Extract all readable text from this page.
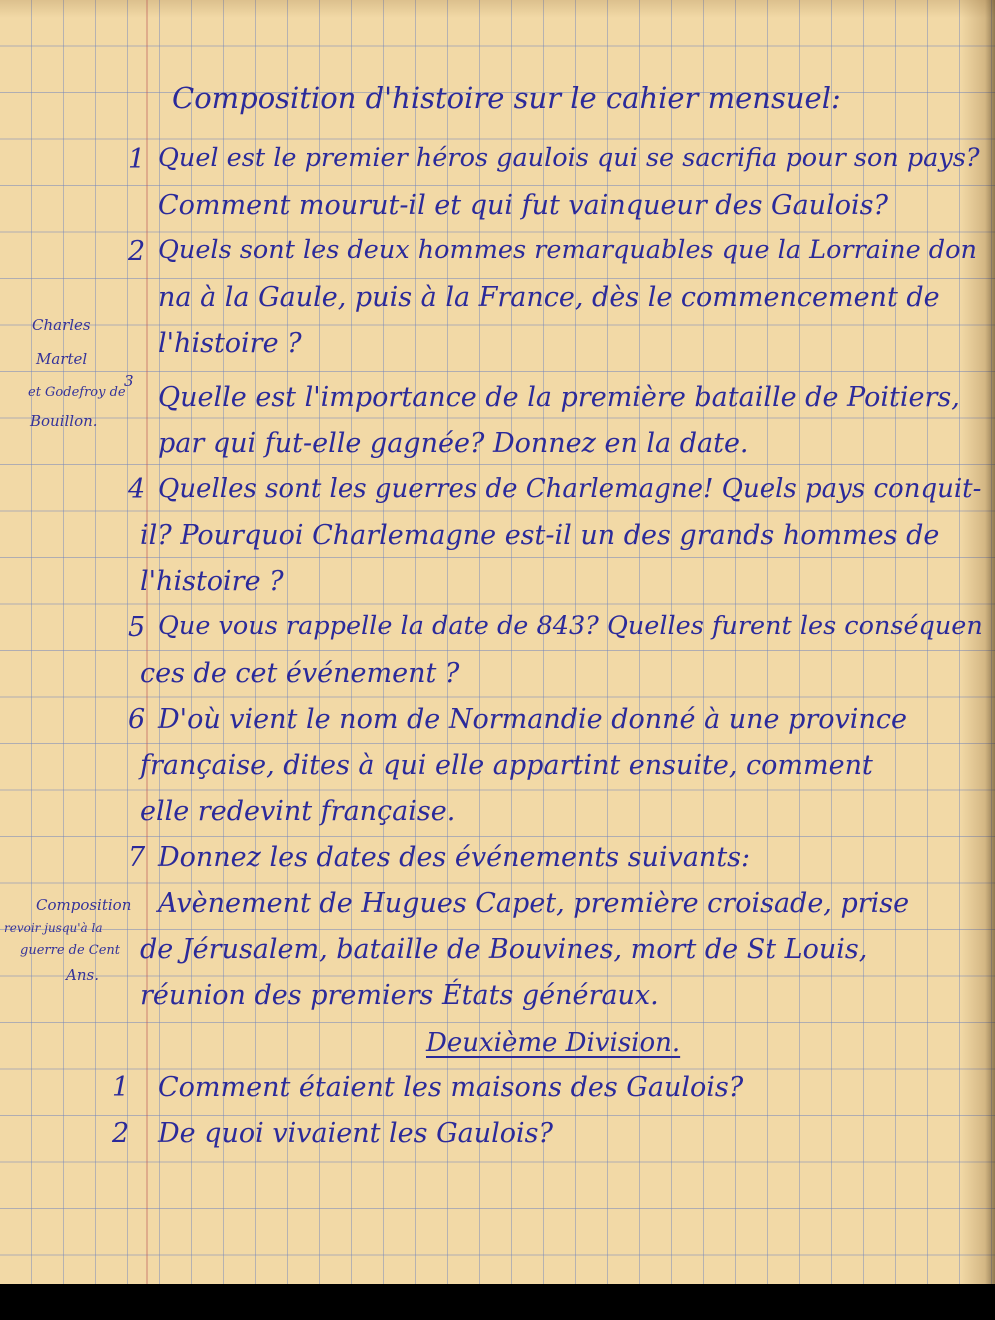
Composition d'histoire sur le cahier mensuel:
1 Quel est le premier héros gaulois qui se sacrifia pour son pays?
Comment mourut-il et qui fut vainqueur des Gaulois?
2 Quels sont les deux hommes remarquables que la Lorraine don
na à la Gaule, puis à la France, dès le commencement de
l'histoire ?
3
Quelle est l'importance de la première bataille de Poitiers,
par qui fut-elle gagnée? Donnez en la date.
4 Quelles sont les guerres de Charlemagne! Quels pays conquit-
il? Pourquoi Charlemagne est-il un des grands hommes de
l'histoire ?
5 Que vous rappelle la date de 843? Quelles furent les conséquen
ces de cet événement ?
6 D'où vient le nom de Normandie donné à une province
française, dites à qui elle appartint ensuite, comment
elle redevint française.
7 Donnez les dates des événements suivants:
Avènement de Hugues Capet, première croisade, prise
de Jérusalem, bataille de Bouvines, mort de St Louis,
réunion des premiers États généraux.
Charles
Martel
et Godefroy de
Bouillon.
Composition
revoir jusqu'à la
guerre de Cent
Ans.
Deuxième Division.
1 Comment étaient les maisons des Gaulois?
2 De quoi vivaient les Gaulois?
